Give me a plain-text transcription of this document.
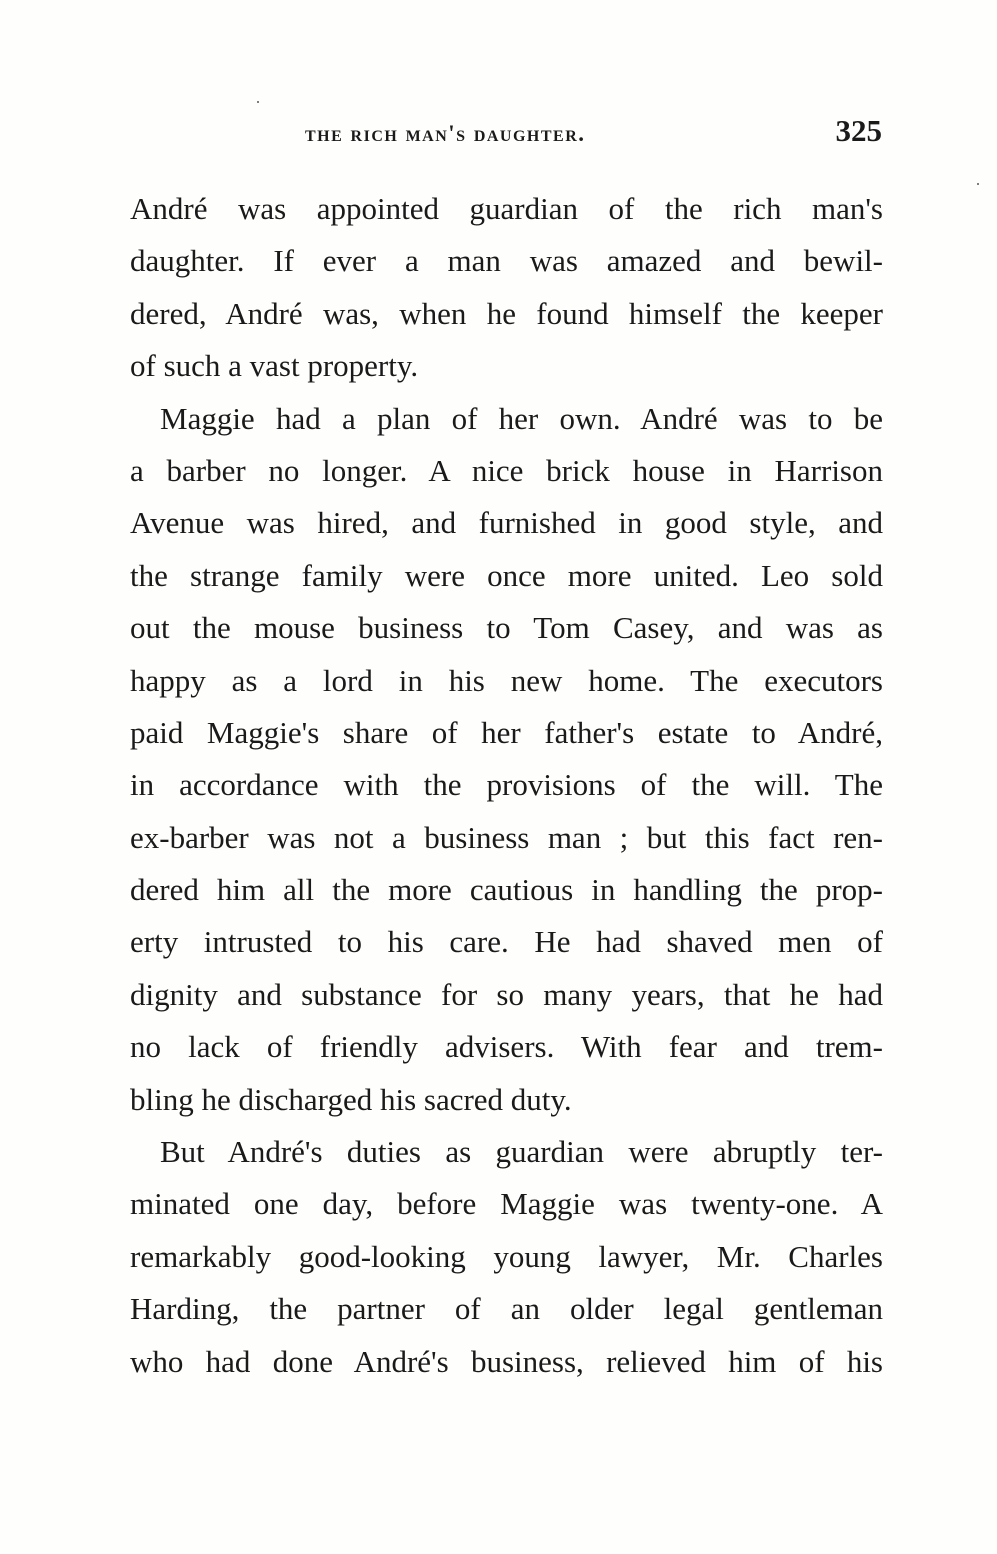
the rich man's daughter.	325
André was appointed guardian of the rich man's
daughter. If ever a man was amazed and bewil-
dered, André was, when he found himself the keeper
of such a vast property.
Maggie had a plan of her own. André was to be
a barber no longer. A nice brick house in Harrison
Avenue was hired, and furnished in good style, and
the strange family were once more united. Leo sold
out the mouse business to Tom Casey, and was as
happy as a lord in his new home. The executors
paid Maggie's share of her father's estate to André,
in accordance with the provisions of the will. The
ex-barber was not a business man ; but this fact ren-
dered him all the more cautious in handling the prop-
erty intrusted to his care. He had shaved men of
dignity and substance for so many years, that he had
no lack of friendly advisers. With fear and trem-
bling he discharged his sacred duty.
But André's duties as guardian were abruptly ter-
minated one day, before Maggie was twenty-one. A
remarkably good-looking young lawyer, Mr. Charles
Harding, the partner of an older legal gentleman
who had done André's business, relieved him of his
